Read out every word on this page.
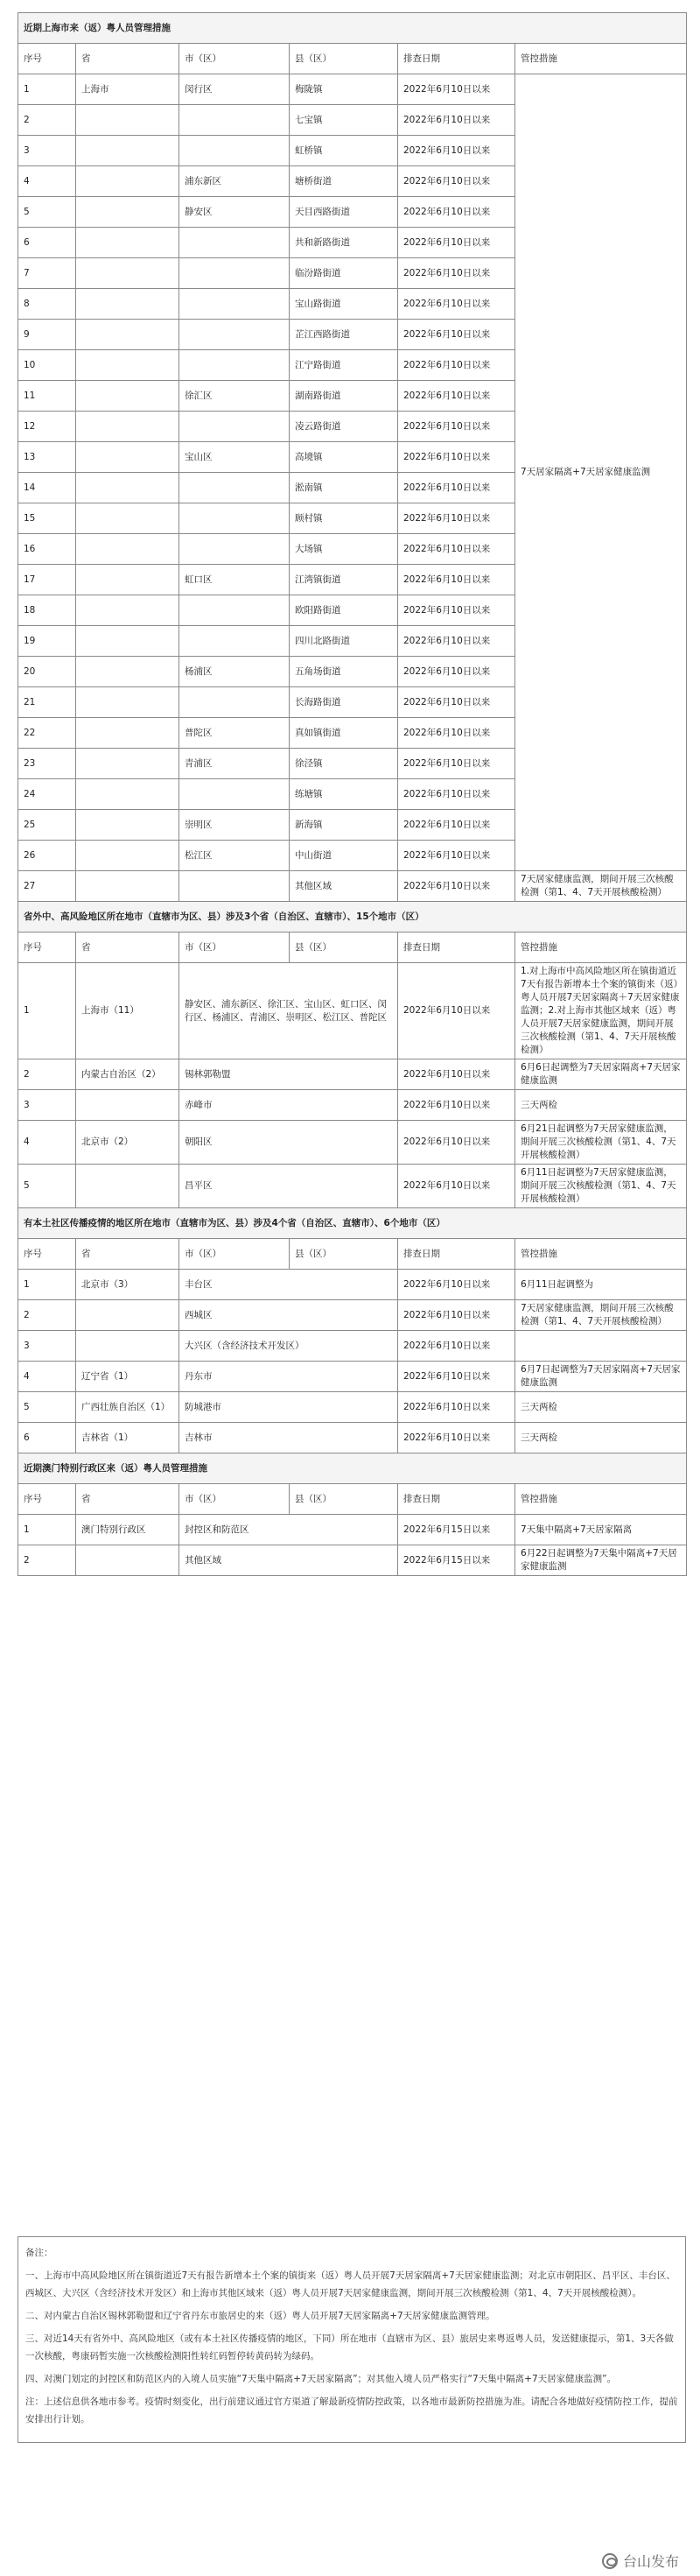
近期上海市来（返）粤人员管理措施					
序号	省	市（区）	县（区）	排查日期	管控措施
1	上海市	闵行区	梅陇镇	2022年6月10日以来	7天居家隔离+7天居家健康监测
2			七宝镇	2022年6月10日以来	
3			虹桥镇	2022年6月10日以来	
4		浦东新区	塘桥街道	2022年6月10日以来	
5		静安区	天目西路街道	2022年6月10日以来	
6			共和新路街道	2022年6月10日以来	
7			临汾路街道	2022年6月10日以来	
8			宝山路街道	2022年6月10日以来	
9			芷江西路街道	2022年6月10日以来	
10			江宁路街道	2022年6月10日以来	
11		徐汇区	湖南路街道	2022年6月10日以来	
12			凌云路街道	2022年6月10日以来	
13		宝山区	高境镇	2022年6月10日以来	
14			淞南镇	2022年6月10日以来	
15			顾村镇	2022年6月10日以来	
16			大场镇	2022年6月10日以来	
17		虹口区	江湾镇街道	2022年6月10日以来	
18			欧阳路街道	2022年6月10日以来	
19			四川北路街道	2022年6月10日以来	
20		杨浦区	五角场街道	2022年6月10日以来	
21			长海路街道	2022年6月10日以来	
22		普陀区	真如镇街道	2022年6月10日以来	
23		青浦区	徐泾镇	2022年6月10日以来	
24			练塘镇	2022年6月10日以来	
25		崇明区	新海镇	2022年6月10日以来	
26		松江区	中山街道	2022年6月10日以来	
27			其他区域	2022年6月10日以来	7天居家健康监测，期间开展三次核酸检测（第1、4、7天开展核酸检测）
省外中、高风险地区所在地市（直辖市为区、县）涉及3个省（自治区、直辖市）、15个地市（区）					
序号	省	市（区）	县（区）	排查日期	管控措施
1	上海市（11）	静安区、浦东新区、徐汇区、宝山区、虹口区、闵行区、杨浦区、青浦区、崇明区、松江区、普陀区		2022年6月10日以来	1.对上海市中高风险地区所在镇街道近7天有报告新增本土个案的镇街来（返）粤人员开展7天居家隔离＋7天居家健康监测；2.对上海市其他区域来（返）粤人员开展7天居家健康监测，期间开展三次核酸检测（第1、4、7天开展核酸检测）
2	内蒙古自治区（2）	锡林郭勒盟		2022年6月10日以来	6月6日起调整为7天居家隔离+7天居家健康监测
3		赤峰市		2022年6月10日以来	三天两检
4	北京市（2）	朝阳区		2022年6月10日以来	6月21日起调整为7天居家健康监测，期间开展三次核酸检测（第1、4、7天开展核酸检测）
5		昌平区		2022年6月10日以来	6月11日起调整为7天居家健康监测，期间开展三次核酸检测（第1、4、7天开展核酸检测）
有本土社区传播疫情的地区所在地市（直辖市为区、县）涉及4个省（自治区、直辖市）、6个地市（区）					
序号	省	市（区）	县（区）	排查日期	管控措施
1	北京市（3）	丰台区		2022年6月10日以来	6月11日起调整为
2		西城区		2022年6月10日以来	7天居家健康监测，期间开展三次核酸检测（第1、4、7天开展核酸检测）
3		大兴区（含经济技术开发区）		2022年6月10日以来	
4	辽宁省（1）	丹东市		2022年6月10日以来	6月7日起调整为7天居家隔离+7天居家健康监测
5	广西壮族自治区（1）	防城港市		2022年6月10日以来	三天两检
6	吉林省（1）	吉林市		2022年6月10日以来	三天两检
近期澳门特别行政区来（返）粤人员管理措施					
序号	省	市（区）	县（区）	排查日期	管控措施
1	澳门特别行政区	封控区和防范区		2022年6月15日以来	7天集中隔离+7天居家隔离
2		其他区域		2022年6月15日以来	6月22日起调整为7天集中隔离+7天居家健康监测

备注：

一、上海市中高风险地区所在镇街道近7天有报告新增本土个案的镇街来（返）粤人员开展7天居家隔离+7天居家健康监测；对北京市朝阳区、昌平区、丰台区、西城区、大兴区（含经济技术开发区）和上海市其他区域来（返）粤人员开展7天居家健康监测，期间开展三次核酸检测（第1、4、7天开展核酸检测）。

二、对内蒙古自治区锡林郭勒盟和辽宁省丹东市旅居史的来（返）粤人员开展7天居家隔离+7天居家健康监测管理。

三、对近14天有省外中、高风险地区（或有本土社区传播疫情的地区，下同）所在地市（直辖市为区、县）旅居史来粤返粤人员，发送健康提示，第1、3天各做一次核酸，粤康码暂实施一次核酸检测阳性转红码暂停转黄码转为绿码。

四、对澳门划定的封控区和防范区内的入境人员实施“7天集中隔离+7天居家隔离”；对其他入境人员严格实行“7天集中隔离+7天居家健康监测”。

注：上述信息供各地市参考。疫情时刻变化，出行前建议通过官方渠道了解最新疫情防控政策，以各地市最新防控措施为准。请配合各地做好疫情防控工作，提前安排出行计划。

台山发布
